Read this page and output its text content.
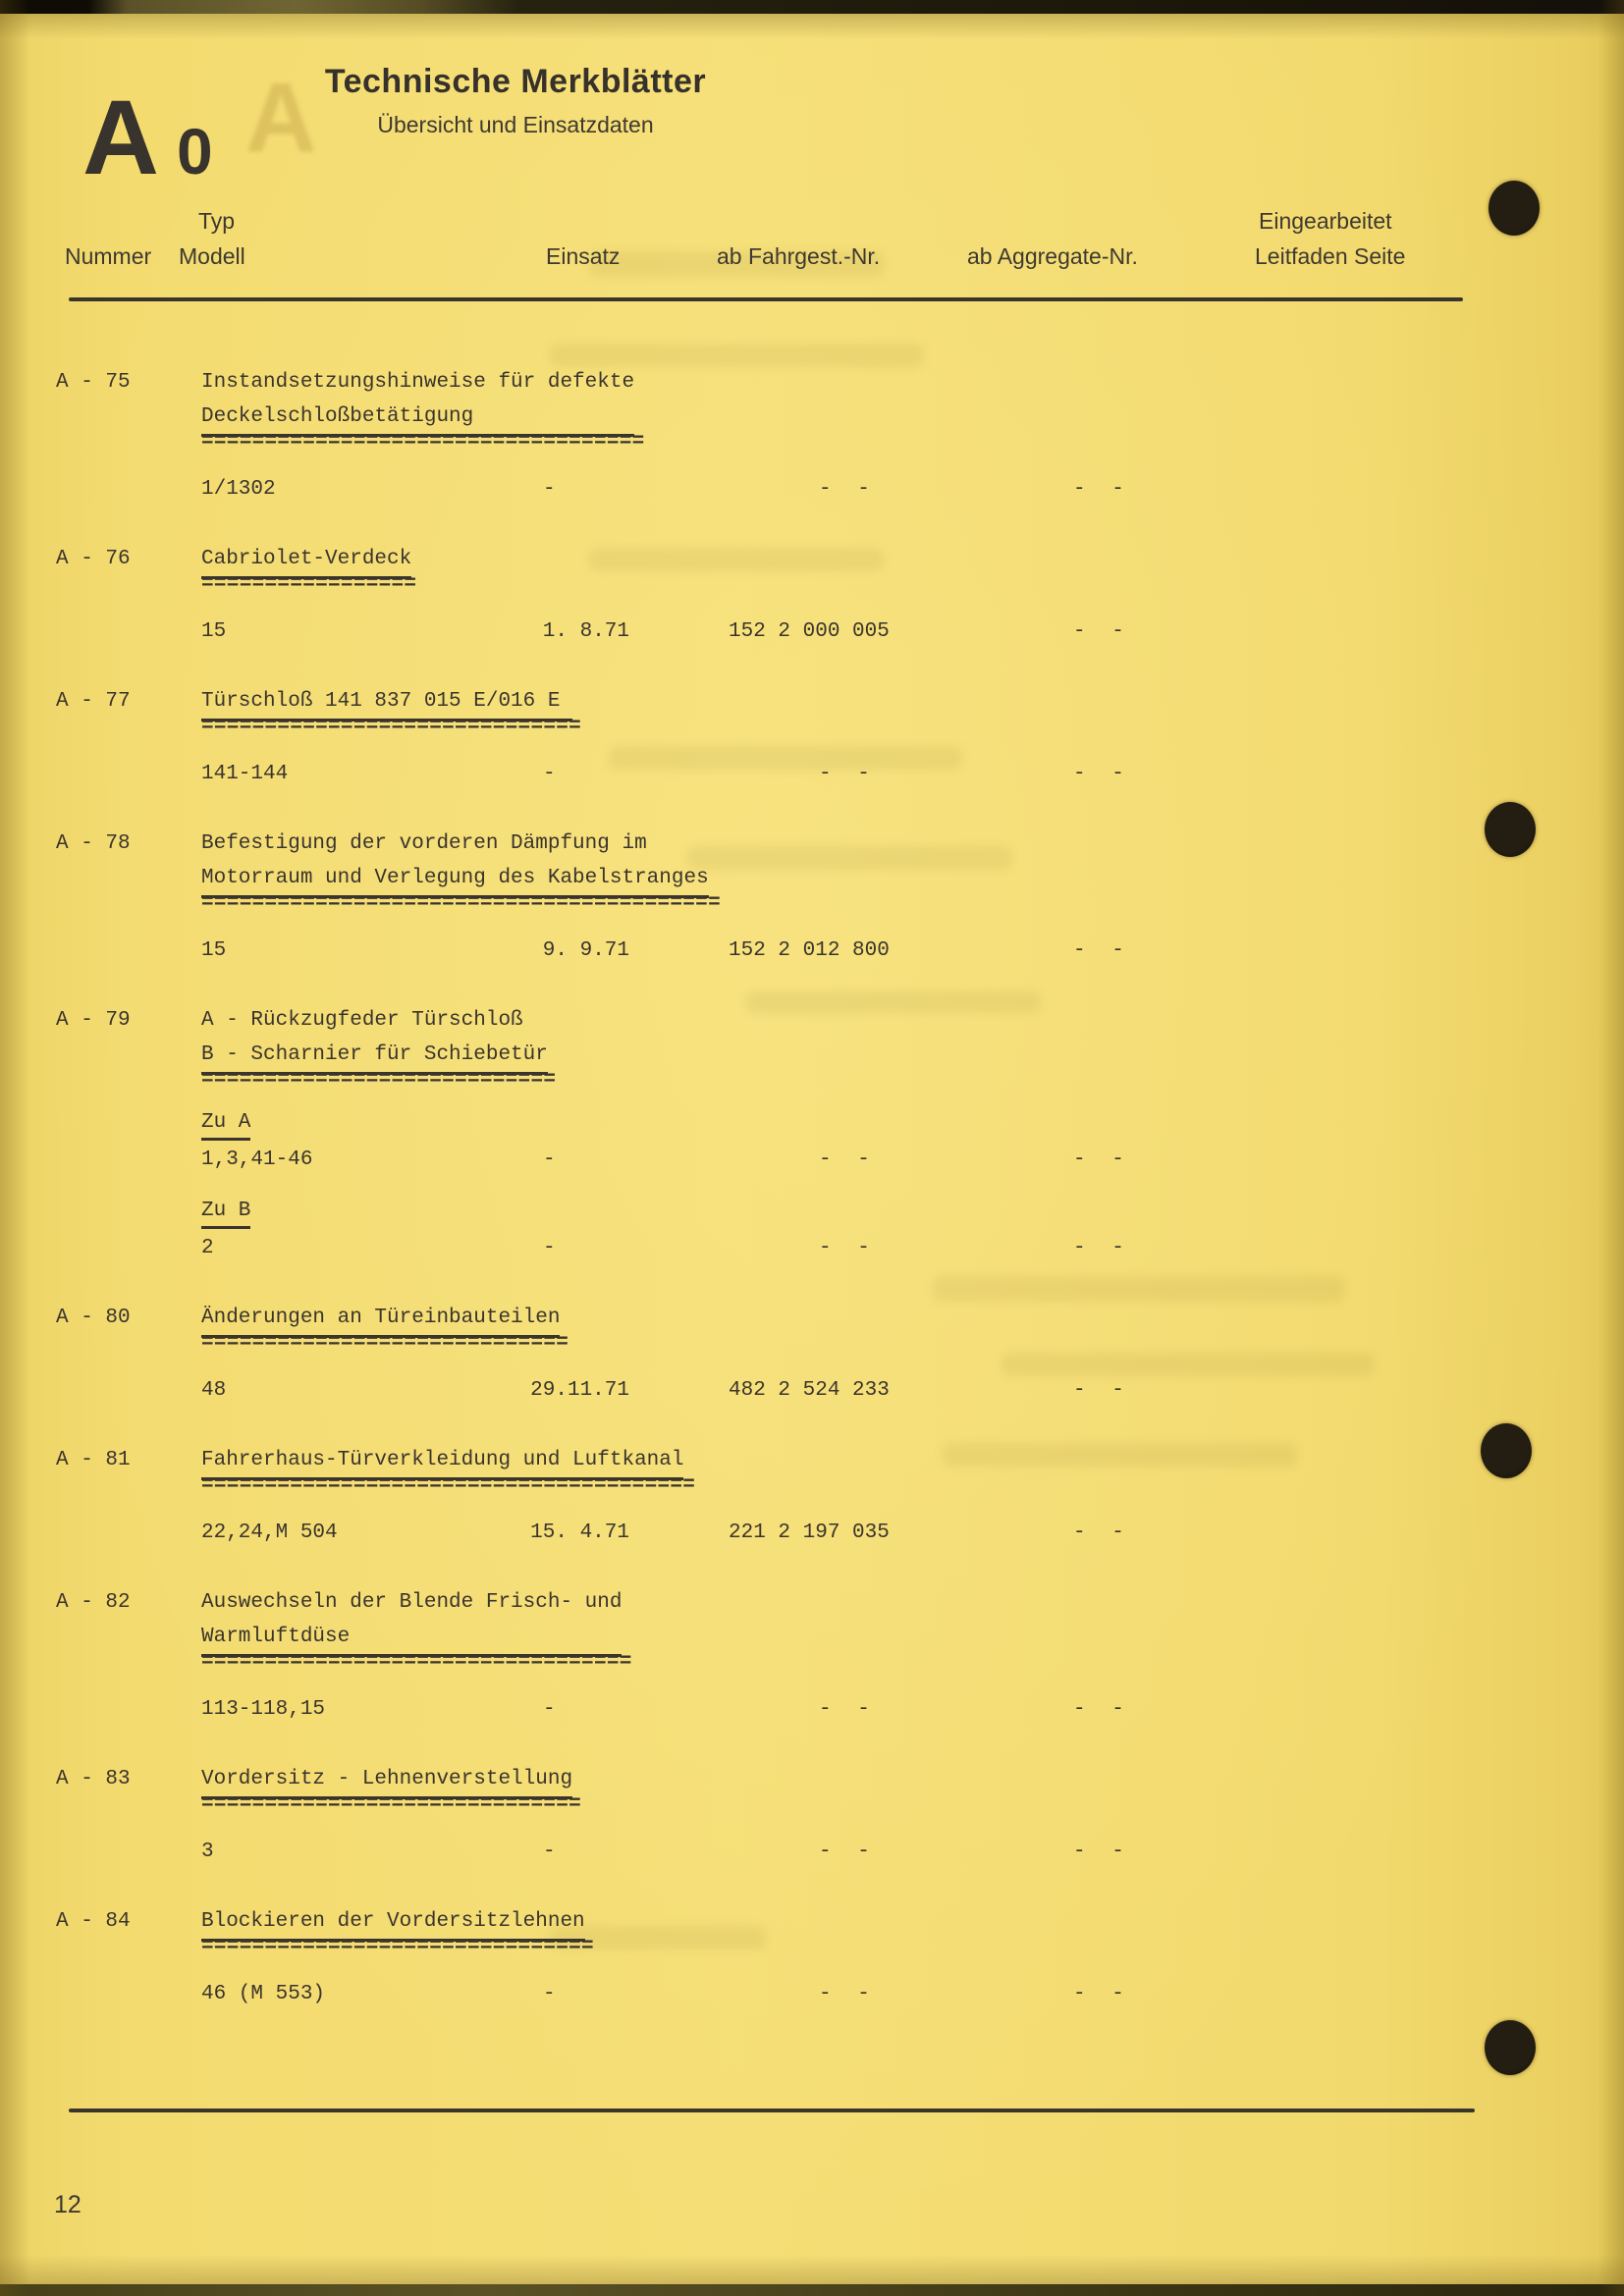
A
A 0
Technische Merkblätter
Übersicht und Einsatzdaten
Typ	Eingearbeitet
Nummer Modell	Einsatz	ab Fahrgest.-Nr.	ab Aggregate-Nr.	Leitfaden Seite
A - 75	Instandsetzungshinweise für defekte
Deckelschloßbetätigung
===================================
1/1302	-	- -	- -
A - 76	Cabriolet-Verdeck
=================
15	1. 8.71	152 2 000 005	- -
A - 77	Türschloß 141 837 015 E/016 E
==============================
141-144	-	- -	- -
A - 78	Befestigung der vorderen Dämpfung im
Motorraum und Verlegung des Kabelstranges
=========================================
15	9. 9.71	152 2 012 800	- -
A - 79	A - Rückzugfeder Türschloß
B - Scharnier für Schiebetür
============================
Zu A
1,3,41-46	-	- -	- -
Zu B
2	-	- -	- -
A - 80	Änderungen an Türeinbauteilen
=============================
48	29.11.71	482 2 524 233	- -
A - 81	Fahrerhaus-Türverkleidung und Luftkanal
=======================================
22,24,M 504	15. 4.71	221 2 197 035	- -
A - 82	Auswechseln der Blende Frisch- und
Warmluftdüse
==================================
113-118,15	-	- -	- -
A - 83	Vordersitz - Lehnenverstellung
==============================
3	-	- -	- -
A - 84	Blockieren der Vordersitzlehnen
===============================
46 (M 553)	-	- -	- -
12
